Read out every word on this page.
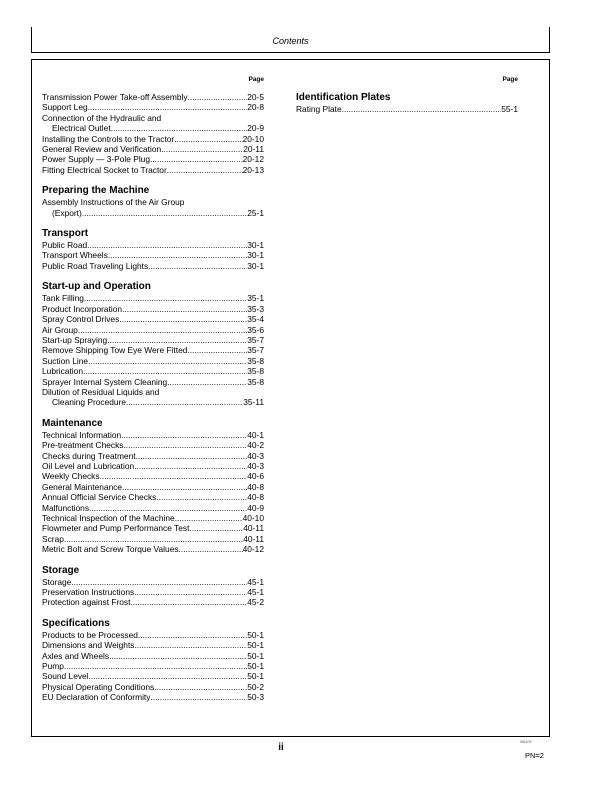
Contents
Page
Transmission Power Take-off Assembly .....	20-5
Support Leg .....	20-8
Connection of the Hydraulic and
Electrical Outlet .....	20-9
Installing the Controls to the Tractor .....	20-10
General Review and Verification .....	20-11
Power Supply — 3-Pole Plug .....	20-12
Fitting Electrical Socket to Tractor .....	20-13
Preparing the Machine
Assembly Instructions of the Air Group
(Export) .....	25-1
Transport
Public Road .....	30-1
Transport Wheels .....	30-1
Public Road Traveling Lights .....	30-1
Start-up and Operation
Tank Filling .....	35-1
Product Incorporation .....	35-3
Spray Control Drives .....	35-4
Air Group .....	35-6
Start-up Spraying .....	35-7
Remove Shipping Tow Eye Were Fitted .....	35-7
Suction Line .....	35-8
Lubrication .....	35-8
Sprayer Internal System Cleaning .....	35-8
Dilution of Residual Liquids and
Cleaning Procedure .....	35-11
Maintenance
Technical Information .....	40-1
Pre-treatment Checks .....	40-2
Checks during Treatment .....	40-3
Oil Level and Lubrication .....	40-3
Weekly Checks .....	40-6
General Maintenance .....	40-8
Annual Official Service Checks .....	40-8
Malfunctions .....	40-9
Technical Inspection of the Machine .....	40-10
Flowmeter and Pump Performance Test .....	40-11
Scrap .....	40-11
Metric Bolt and Screw Torque Values .....	40-12
Storage
Storage .....	45-1
Preservation Instructions .....	45-1
Protection against Frost .....	45-2
Specifications
Products to be Processed .....	50-1
Dimensions and Weights .....	50-1
Axles and Wheels .....	50-1
Pump .....	50-1
Sound Level .....	50-1
Physical Operating Conditions .....	50-2
EU Declaration of Conformity .....	50-3
Page
Identification Plates
Rating Plate .....	55-1
ii	081109
PN=2
